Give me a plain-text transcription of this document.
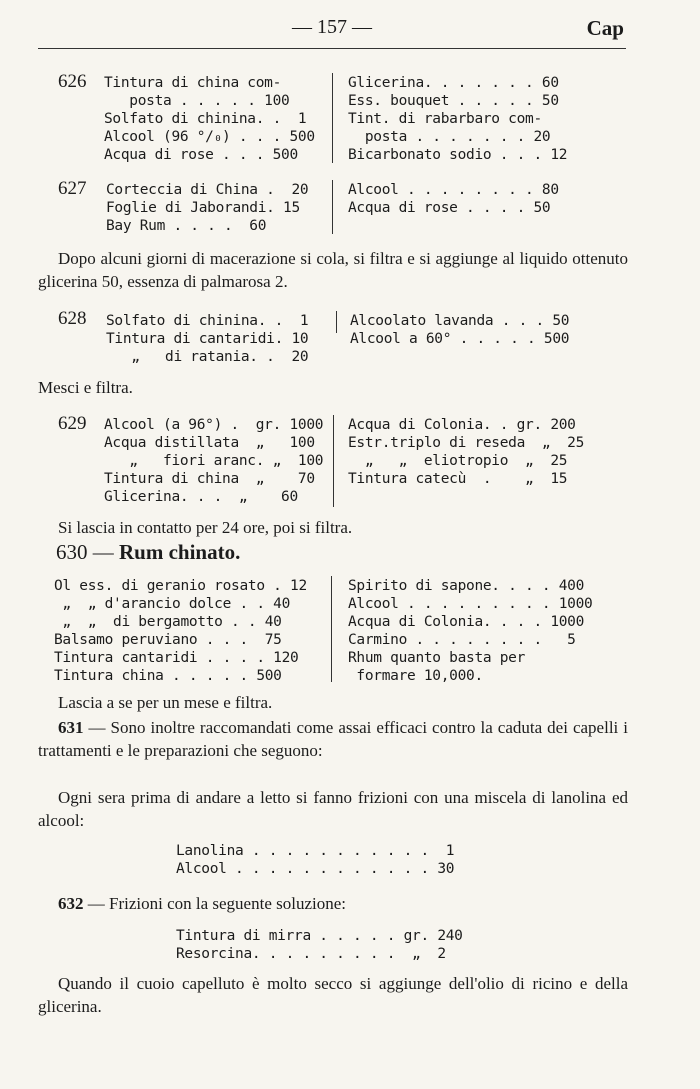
— 157 —	Cap
626 Tintura di china com-
posta . . . . . 100
Solfato di chinina. .  1
Alcool (96 °/₀) . . . 500
Acqua di rose . . . 500
Glicerina. . . . . . . 60
Ess. bouquet . . . . . 50
Tint. di rabarbaro com-
posta . . . . . . . 20
Bicarbonato sodio . . . 12
627 Corteccia di China .  20
Foglie di Jaborandi. 15
Bay Rum . . . .  60
Alcool . . . . . . . . 80
Acqua di rose . . . . 50
Dopo alcuni giorni di macerazione si cola, si filtra e si aggiunge al liquido ottenuto glicerina 50, essenza di palmarosa 2.
628 Solfato di chinina. .  1
Tintura di cantaridi. 10
„   di ratania. .  20
Alcoolato lavanda . . . 50
Alcool a 60° . . . . . 500
Mesci e filtra.
629 Alcool (a 96°) .  gr. 1000
Acqua distillata  „   100
„   fiori aranc. „  100
Tintura di china  „    70
Glicerina. . .  „    60
Acqua di Colonia. . gr. 200
Estr.triplo di reseda  „  25
„   „  eliotropio  „  25
Tintura catecù  .    „  15
Si lascia in contatto per 24 ore, poi si filtra.
630 — Rum chinato.
Ol ess. di geranio rosato . 12
„  „ d'arancio dolce . . 40
„  „  di bergamotto . . 40
Balsamo peruviano . . .  75
Tintura cantaridi . . . . 120
Tintura china . . . . . 500
Spirito di sapone. . . . 400
Alcool . . . . . . . . . 1000
Acqua di Colonia. . . . 1000
Carmino . . . . . . . .   5
Rhum quanto basta per
formare 10,000.
Lascia a se per un mese e filtra.
631 — Sono inoltre raccomandati come assai efficaci contro la caduta dei capelli i trattamenti e le preparazioni che seguono:
Ogni sera prima di andare a letto si fanno frizioni con una miscela di lanolina ed alcool:
Lanolina . . . . . . . . . . .  1
Alcool . . . . . . . . . . . . 30
632 — Frizioni con la seguente soluzione:
Tintura di mirra . . . . . gr. 240
Resorcina. . . . . . . . .  „  2
Quando il cuoio capelluto è molto secco si aggiunge dell'olio di ricino e della glicerina.
